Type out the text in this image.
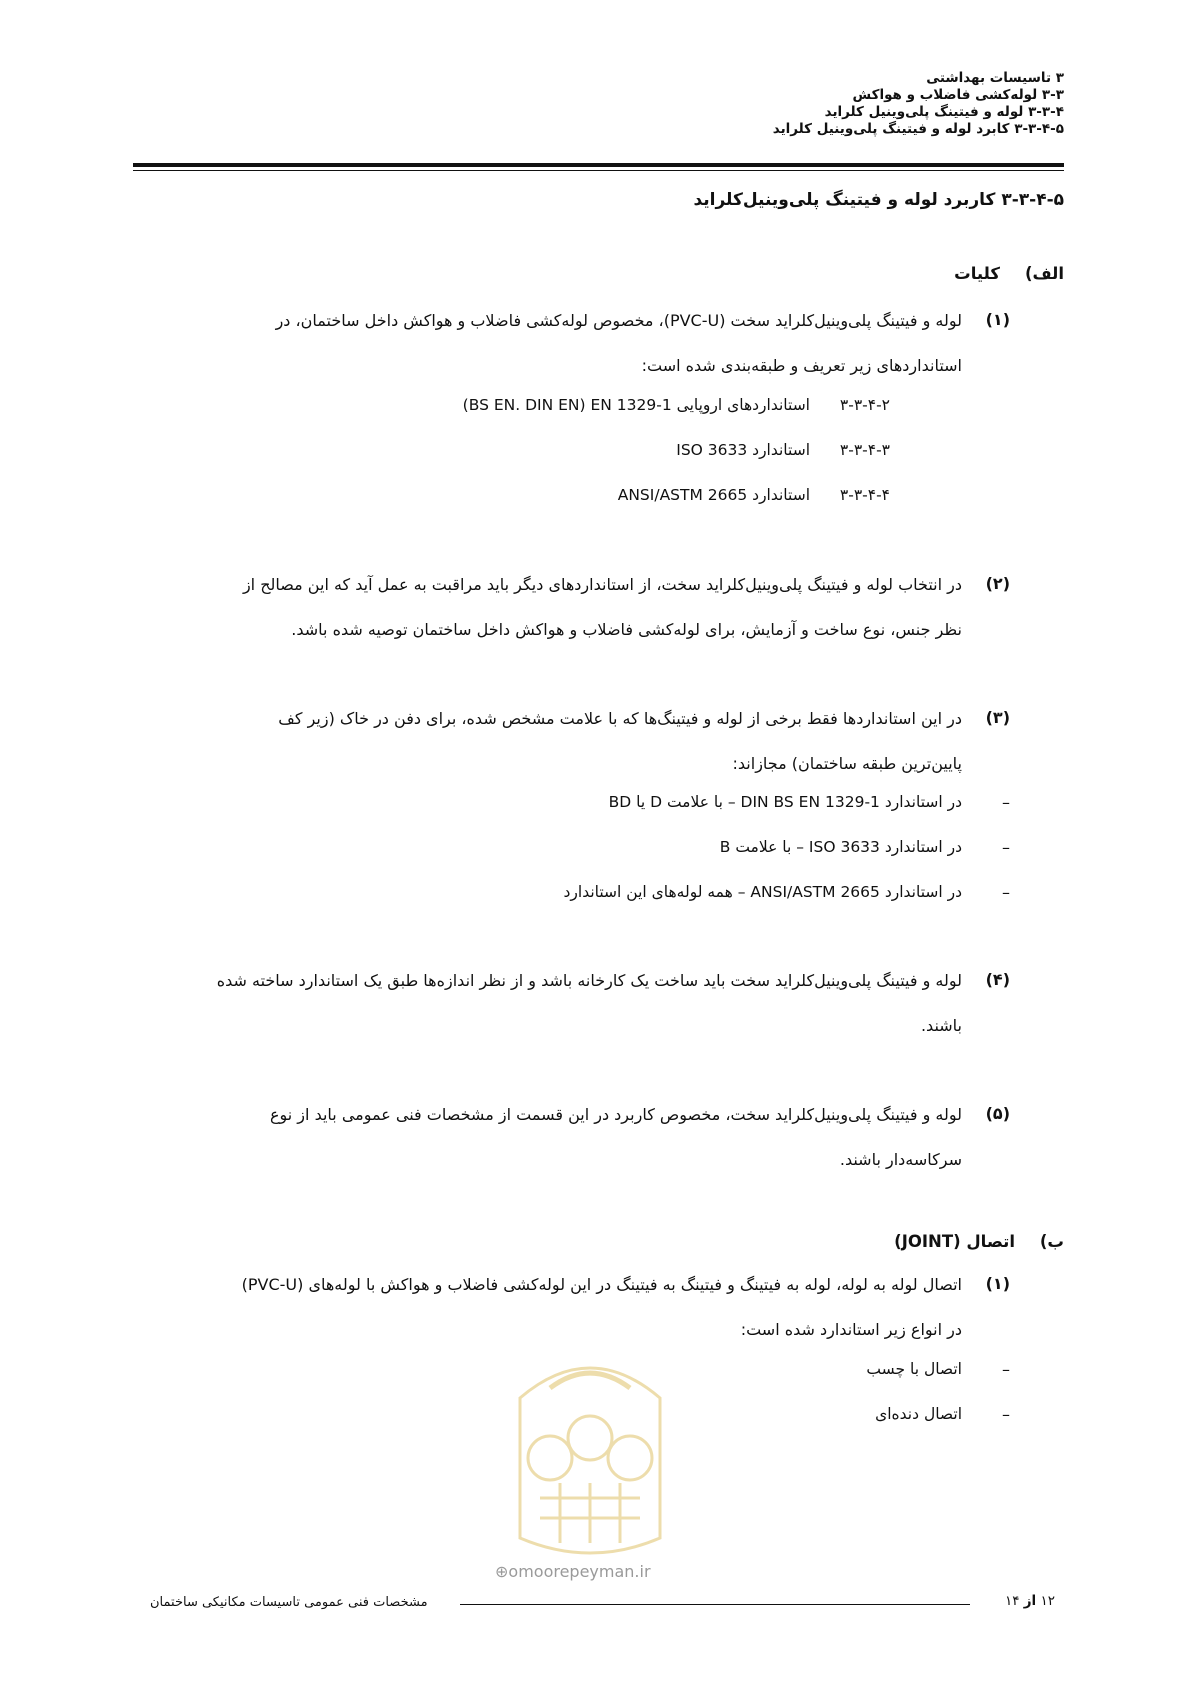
۳ تاسیسات بهداشتی
۳-۳ لوله‌کشی فاضلاب و هواکش
۳-۳-۴ لوله و فیتینگ پلی‌وینیل کلراید
۳-۳-۴-۵ کابرد لوله و فیتینگ پلی‌وینیل کلراید
۳-۳-۴-۵ کاربرد لوله و فیتینگ پلی‌وینیل‌کلراید
الف)
کلیات
(۱)
لوله و فیتینگ پلی‌وینیل‌کلراید سخت (PVC-U)، مخصوص لوله‌کشی فاضلاب و هواکش داخل ساختمان، در
استانداردهای زیر تعریف و طبقه‌بندی شده است:
۳-۳-۴-۲
استانداردهای اروپایی BS EN. DIN EN) EN 1329-1)
۳-۳-۴-۳
استاندارد ISO 3633
۳-۳-۴-۴
استاندارد ANSI/ASTM 2665
(۲)
در انتخاب لوله و فیتینگ پلی‌وینیل‌کلراید سخت، از استانداردهای دیگر باید مراقبت به عمل آید که این مصالح از
نظر جنس، نوع ساخت و آزمایش، برای لوله‌کشی فاضلاب و هواکش داخل ساختمان توصیه شده باشد.
(۳)
در این استانداردها فقط برخی از لوله و فیتینگ‌ها که با علامت مشخص شده، برای دفن در خاک (زیر کف
پایین‌ترین طبقه ساختمان) مجازاند:
–
در استاندارد DIN BS EN 1329-1 – با علامت D یا BD
–
در استاندارد ISO 3633 – با علامت B
–
در استاندارد ANSI/ASTM 2665 – همه لوله‌های این استاندارد
(۴)
لوله و فیتینگ پلی‌وینیل‌کلراید سخت باید ساخت یک کارخانه باشد و از نظر اندازه‌ها طبق یک استاندارد ساخته شده
باشند.
(۵)
لوله و فیتینگ پلی‌وینیل‌کلراید سخت، مخصوص کاربرد در این قسمت از مشخصات فنی عمومی باید از نوع
سرکاسه‌دار باشند.
ب)
اتصال (JOINT)
⊕omoorepeyman.ir
(۱)
اتصال لوله به لوله، لوله به فیتینگ و فیتینگ به فیتینگ در این لوله‌کشی فاضلاب و هواکش با لوله‌های (PVC-U)
در انواع زیر استاندارد شده است:
–
اتصال با چسب
–
اتصال دنده‌ای
مشخصات فنی عمومی تاسیسات مکانیکی ساختمان	۱۲ از ۱۴
